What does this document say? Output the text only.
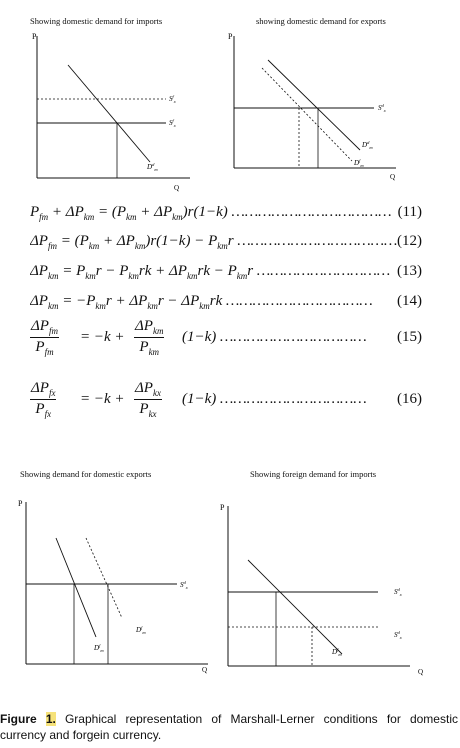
Showing domestic demand for imports
P
$S^f_x$
$S^f_x$
$D^d_m$
Q
showing domestic demand for exports
P
$S^d_x$
$D^d_m$
$D^f_m$
Q
$P_{fm} + \Delta P_{km} = (P_{km} + \Delta P_{km})r(1-k)$ ……………………………… (11)
$\Delta P_{fm} = (P_{km} + \Delta P_{km})r(1-k) - P_{km}r$ ……………………………… (12)
$\Delta P_{km} = P_{km}r - P_{km}rk + \Delta P_{km}rk - P_{km}r$ ………………………… (13)
$\Delta P_{km} = -P_{km}r + \Delta P_{km}r - \Delta P_{km}rk$ …………………………… (14)
$\Delta P_{fm}$
$P_{fm}$
= −k +
$\Delta P_{km}$
$P_{km}$
(1−k) …………………………… (15)
$\Delta P_{fx}$
$P_{fx}$
= −k +
$\Delta P_{kx}$
$P_{kx}$
(1−k) …………………………… (16)
Showing demand for domestic exports
P
$S^d_x$
$D^f_m$
$D^f_m$
Q
Showing foreign demand for imports
P
$S^d_x$
$S^d_x$
$D^f_m$
Q
Figure 1. Graphical representation of Marshall-Lerner conditions for domestic currency and forgein currency.
